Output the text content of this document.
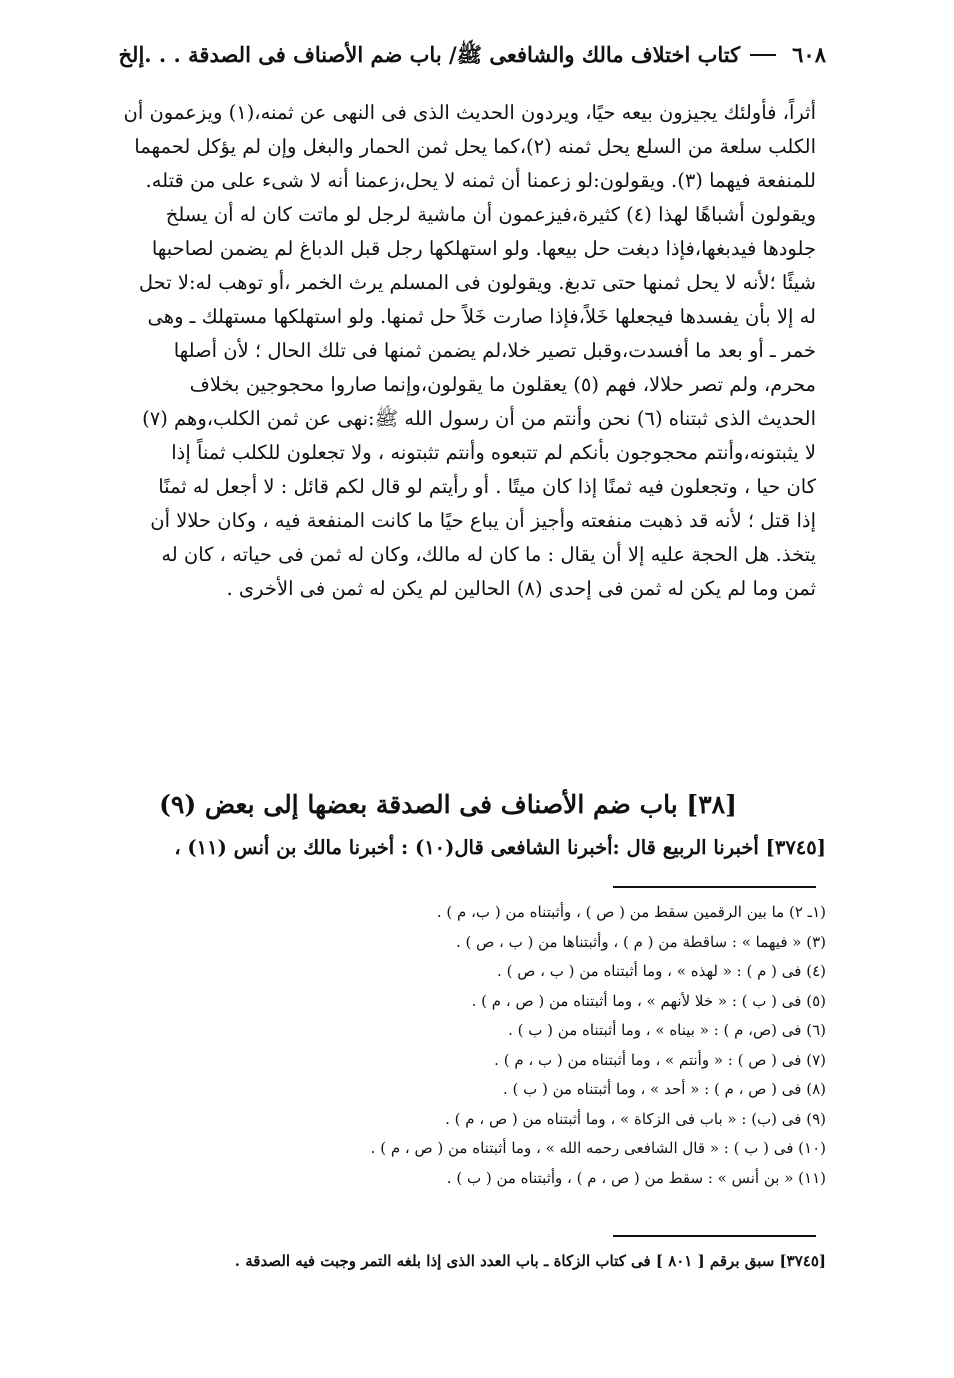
٦٠٨
كتاب اختلاف مالك والشافعى ﷺ/ باب ضم الأصناف فى الصدقة . . .إلخ
أثراً، فأولئك يجيزون بيعه حيًا، ويردون الحديث الذى فى النهى عن ثمنه،(١) ويزعمون أن
الكلب سلعة من السلع يحل ثمنه (٢)،كما يحل ثمن الحمار والبغل وإن لم يؤكل لحمهما
للمنفعة فيهما (٣). ويقولون:لو زعمنا أن ثمنه لا يحل،زعمنا أنه لا شىء على من قتله.
ويقولون أشباهًا لهذا (٤) كثيرة،فيزعمون أن ماشية لرجل لو ماتت كان له أن يسلخ
جلودها فيدبغها،فإذا دبغت حل بيعها. ولو استهلكها رجل قبل الدباغ لم يضمن لصاحبها
شيئًا ؛لأنه لا يحل ثمنها حتى تدبغ. ويقولون فى المسلم يرث الخمر ،أو توهب له:لا تحل
له إلا بأن يفسدها فيجعلها خَلاً،فإذا صارت خَلاً حل ثمنها. ولو استهلكها مستهلك ـ وهى
خمر ـ أو بعد ما أفسدت،وقبل تصير خلا،لم يضمن ثمنها فى تلك الحال ؛ لأن أصلها
محرم، ولم تصر حلالا، فهم (٥) يعقلون ما يقولون،وإنما صاروا محجوجين بخلاف
الحديث الذى ثبتناه (٦) نحن وأنتم من أن رسول الله ﷺ:نهى عن ثمن الكلب،وهم (٧)
لا يثبتونه،وأنتم محجوجون بأنكم لم تتبعوه وأنتم تثبتونه ، ولا تجعلون للكلب ثمناً إذا
كان حيا ، وتجعلون فيه ثمنًا إذا كان ميتًا . أو رأيتم لو قال لكم قائل : لا أجعل له ثمنًا
إذا قتل ؛ لأنه قد ذهبت منفعته وأجيز أن يباع حيًا ما كانت المنفعة فيه ، وكان حلالا أن
يتخذ. هل الحجة عليه إلا أن يقال : ما كان له مالك، وكان له ثمن فى حياته ، كان له
ثمن وما لم يكن له ثمن فى إحدى (٨) الحالين لم يكن له ثمن فى الأخرى .
[٣٨] باب ضم الأصناف فى الصدقة بعضها إلى بعض (٩)
[٣٧٤٥] أخبرنا الربيع قال :أخبرنا الشافعى قال(١٠) : أخبرنا مالك بن أنس (١١) ،
(١ـ ٢) ما بين الرقمين سقط من ( ص ) ، وأثبتناه من ( ب، م ) .
(٣) « فيهما » : ساقطة من ( م ) ، وأثبتناها من ( ب ، ص ) .
(٤) فى ( م ) : « لهذه » ، وما أثبتناه من ( ب ، ص ) .
(٥) فى ( ب ) : « خلا لأنهم » ، وما أثبتناه من ( ص ، م ) .
(٦) فى (ص، م ) : « بيناه » ، وما أثبتناه من ( ب ) .
(٧) فى ( ص ) : « وأنتم » ، وما أثبتناه من ( ب ، م ) .
(٨) فى ( ص ، م ) : « أحد » ، وما أثبتناه من ( ب ) .
(٩) فى (ب) : « باب فى الزكاة » ، وما أثبتناه من ( ص ، م ) .
(١٠) فى ( ب ) : « قال الشافعى رحمه الله » ، وما أثبتناه من ( ص ، م ) .
(١١) « بن أنس » : سقط من ( ص ، م ) ، وأثبتناه من ( ب ) .
[٣٧٤٥] سبق برقم [ ٨٠١ ] فى كتاب الزكاة ـ باب العدد الذى إذا بلغه التمر وجبت فيه الصدقة .
